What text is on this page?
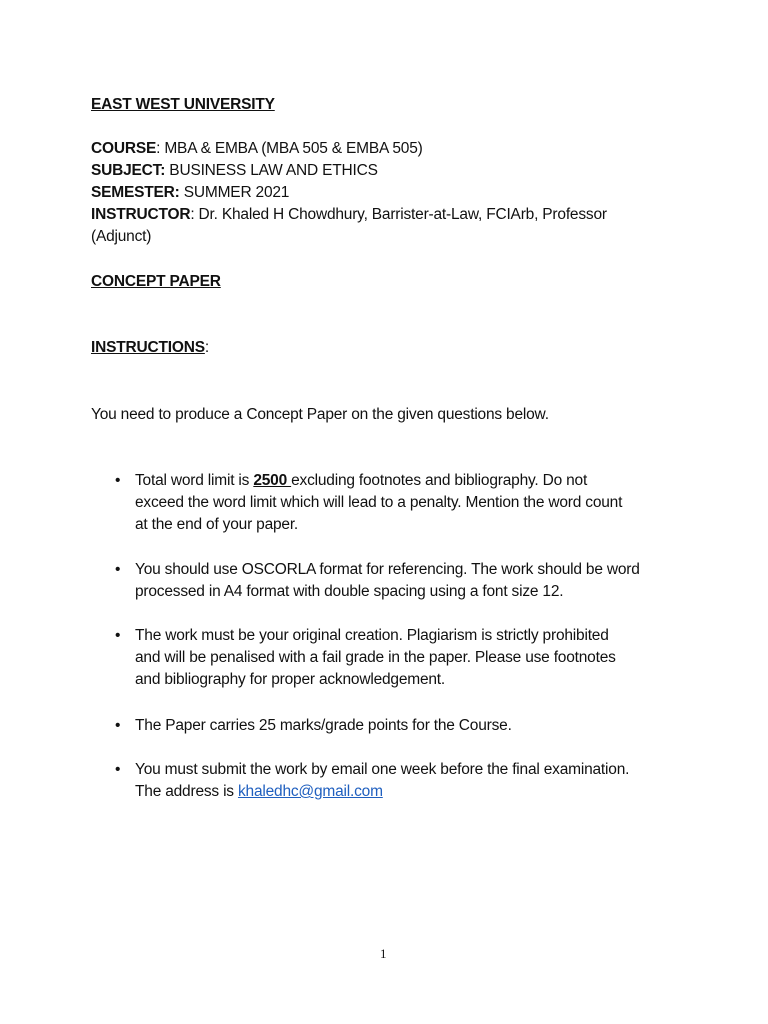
EAST WEST UNIVERSITY
COURSE: MBA & EMBA (MBA 505 & EMBA 505)
SUBJECT: BUSINESS LAW AND ETHICS
SEMESTER: SUMMER 2021
INSTRUCTOR: Dr. Khaled H Chowdhury, Barrister-at-Law, FCIArb, Professor
(Adjunct)
CONCEPT PAPER
INSTRUCTIONS:
You need to produce a Concept Paper on the given questions below.
• Total word limit is 2500 excluding footnotes and bibliography. Do not
exceed the word limit which will lead to a penalty. Mention the word count
at the end of your paper.
• You should use OSCORLA format for referencing. The work should be word
processed in A4 format with double spacing using a font size 12.
• The work must be your original creation. Plagiarism is strictly prohibited
and will be penalised with a fail grade in the paper. Please use footnotes
and bibliography for proper acknowledgement.
• The Paper carries 25 marks/grade points for the Course.
• You must submit the work by email one week before the final examination.
The address is khaledhc@gmail.com
1
